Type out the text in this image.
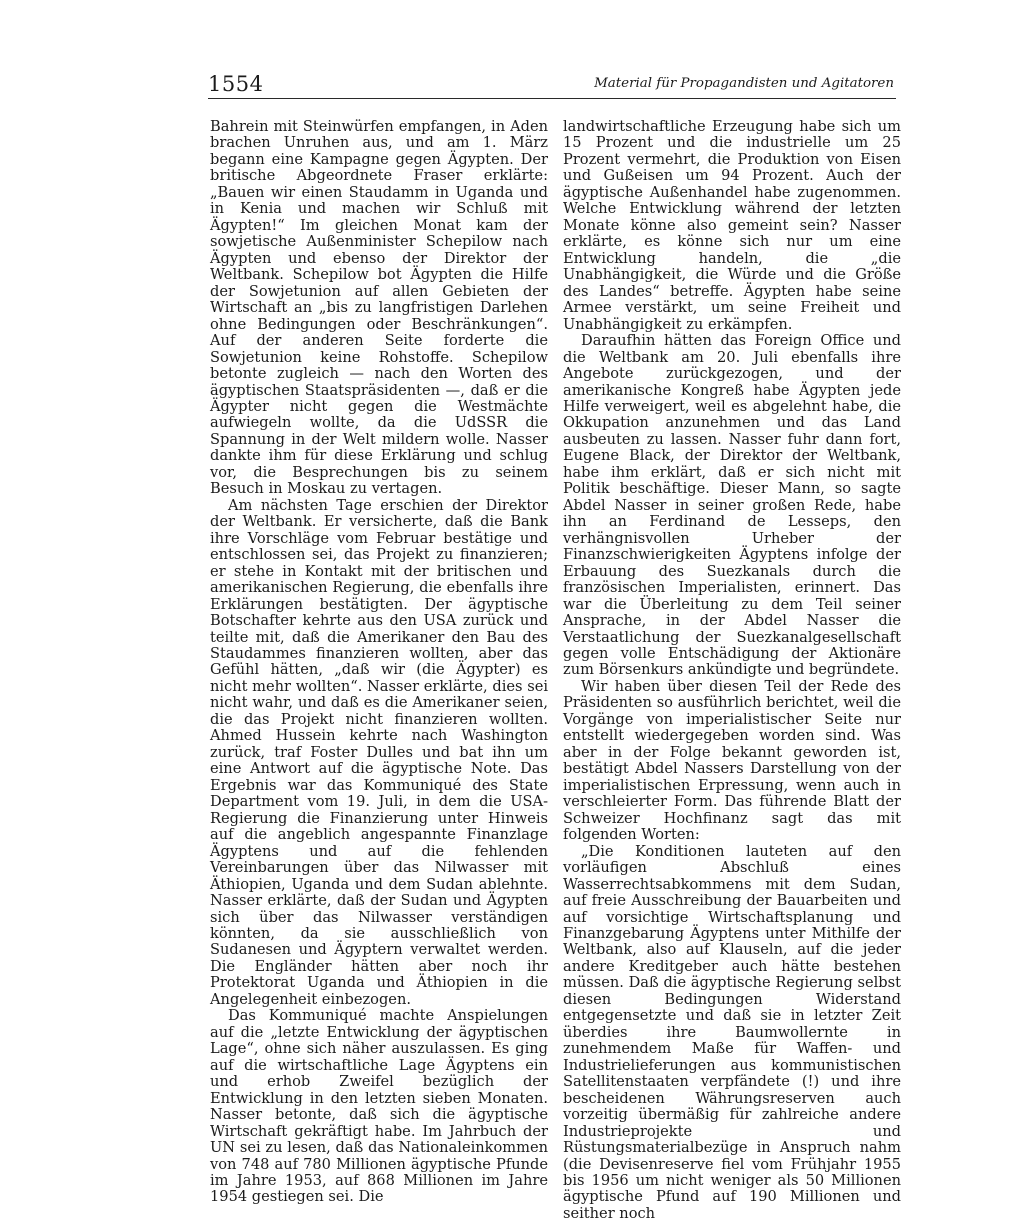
1554	Material für Propagandisten und Agitatoren

Bahrein mit Steinwürfen empfangen, in Aden brachen Unruhen aus, und am 1. März begann eine Kampagne gegen Ägypten. Der britische Abgeordnete Fraser erklärte: „Bauen wir einen Staudamm in Uganda und in Kenia und machen wir Schluß mit Ägypten!“ Im gleichen Monat kam der sowjetische Außenminister Schepilow nach Ägypten und ebenso der Direktor der Weltbank. Schepilow bot Ägypten die Hilfe der Sowjetunion auf allen Gebieten der Wirtschaft an „bis zu langfristigen Darlehen ohne Bedingungen oder Beschränkungen“. Auf der anderen Seite forderte die Sowjetunion keine Rohstoffe. Schepilow betonte zugleich — nach den Worten des ägyptischen Staatspräsidenten —, daß er die Ägypter nicht gegen die Westmächte aufwiegeln wollte, da die UdSSR die Spannung in der Welt mildern wolle. Nasser dankte ihm für diese Erklärung und schlug vor, die Besprechungen bis zu seinem Besuch in Moskau zu vertagen.

Am nächsten Tage erschien der Direktor der Weltbank. Er versicherte, daß die Bank ihre Vorschläge vom Februar bestätige und entschlossen sei, das Projekt zu finanzieren; er stehe in Kontakt mit der britischen und amerikanischen Regierung, die ebenfalls ihre Erklärungen bestätigten. Der ägyptische Botschafter kehrte aus den USA zurück und teilte mit, daß die Amerikaner den Bau des Staudammes finanzieren wollten, aber das Gefühl hätten, „daß wir (die Ägypter) es nicht mehr wollten“. Nasser erklärte, dies sei nicht wahr, und daß es die Amerikaner seien, die das Projekt nicht finanzieren wollten. Ahmed Hussein kehrte nach Washington zurück, traf Foster Dulles und bat ihn um eine Antwort auf die ägyptische Note. Das Ergebnis war das Kommuniqué des State Department vom 19. Juli, in dem die USA-Regierung die Finanzierung unter Hinweis auf die angeblich angespannte Finanzlage Ägyptens und auf die fehlenden Vereinbarungen über das Nilwasser mit Äthiopien, Uganda und dem Sudan ablehnte. Nasser erklärte, daß der Sudan und Ägypten sich über das Nilwasser verständigen könnten, da sie ausschließlich von Sudanesen und Ägyptern verwaltet werden. Die Engländer hätten aber noch ihr Protektorat Uganda und Äthiopien in die Angelegenheit einbezogen.

Das Kommuniqué machte Anspielungen auf die „letzte Entwicklung der ägyptischen Lage“, ohne sich näher auszulassen. Es ging auf die wirtschaftliche Lage Ägyptens ein und erhob Zweifel bezüglich der Entwicklung in den letzten sieben Monaten. Nasser betonte, daß sich die ägyptische Wirtschaft gekräftigt habe. Im Jahrbuch der UN sei zu lesen, daß das Nationaleinkommen von 748 auf 780 Millionen ägyptische Pfunde im Jahre 1953, auf 868 Millionen im Jahre 1954 gestiegen sei. Die

landwirtschaftliche Erzeugung habe sich um 15 Prozent und die industrielle um 25 Prozent vermehrt, die Produktion von Eisen und Gußeisen um 94 Prozent. Auch der ägyptische Außenhandel habe zugenommen. Welche Entwicklung während der letzten Monate könne also gemeint sein? Nasser erklärte, es könne sich nur um eine Entwicklung handeln, die „die Unabhängigkeit, die Würde und die Größe des Landes“ betreffe. Ägypten habe seine Armee verstärkt, um seine Freiheit und Unabhängigkeit zu erkämpfen.

Daraufhin hätten das Foreign Office und die Weltbank am 20. Juli ebenfalls ihre Angebote zurückgezogen, und der amerikanische Kongreß habe Ägypten jede Hilfe verweigert, weil es abgelehnt habe, die Okkupation anzunehmen und das Land ausbeuten zu lassen. Nasser fuhr dann fort, Eugene Black, der Direktor der Weltbank, habe ihm erklärt, daß er sich nicht mit Politik beschäftige. Dieser Mann, so sagte Abdel Nasser in seiner großen Rede, habe ihn an Ferdinand de Lesseps, den verhängnisvollen Urheber der Finanzschwierigkeiten Ägyptens infolge der Erbauung des Suezkanals durch die französischen Imperialisten, erinnert. Das war die Überleitung zu dem Teil seiner Ansprache, in der Abdel Nasser die Verstaatlichung der Suezkanalgesellschaft gegen volle Entschädigung der Aktionäre zum Börsenkurs ankündigte und begründete.

Wir haben über diesen Teil der Rede des Präsidenten so ausführlich berichtet, weil die Vorgänge von imperialistischer Seite nur entstellt wiedergegeben worden sind. Was aber in der Folge bekannt geworden ist, bestätigt Abdel Nassers Darstellung von der imperialistischen Erpressung, wenn auch in verschleierter Form. Das führende Blatt der Schweizer Hochfinanz sagt das mit folgenden Worten:

„Die Konditionen lauteten auf den vorläufigen Abschluß eines Wasserrechtsabkommens mit dem Sudan, auf freie Ausschreibung der Bauarbeiten und auf vorsichtige Wirtschaftsplanung und Finanzgebarung Ägyptens unter Mithilfe der Weltbank, also auf Klauseln, auf die jeder andere Kreditgeber auch hätte bestehen müssen. Daß die ägyptische Regierung selbst diesen Bedingungen Widerstand entgegensetzte und daß sie in letzter Zeit überdies ihre Baumwollernte in zunehmendem Maße für Waffen- und Industrielieferungen aus kommunistischen Satellitenstaaten verpfändete (!) und ihre bescheidenen Währungsreserven auch vorzeitig übermäßig für zahlreiche andere Industrieprojekte und Rüstungsmaterialbezüge in Anspruch nahm (die Devisenreserve fiel vom Frühjahr 1955 bis 1956 um nicht weniger als 50 Millionen ägyptische Pfund auf 190 Millionen und seither noch
